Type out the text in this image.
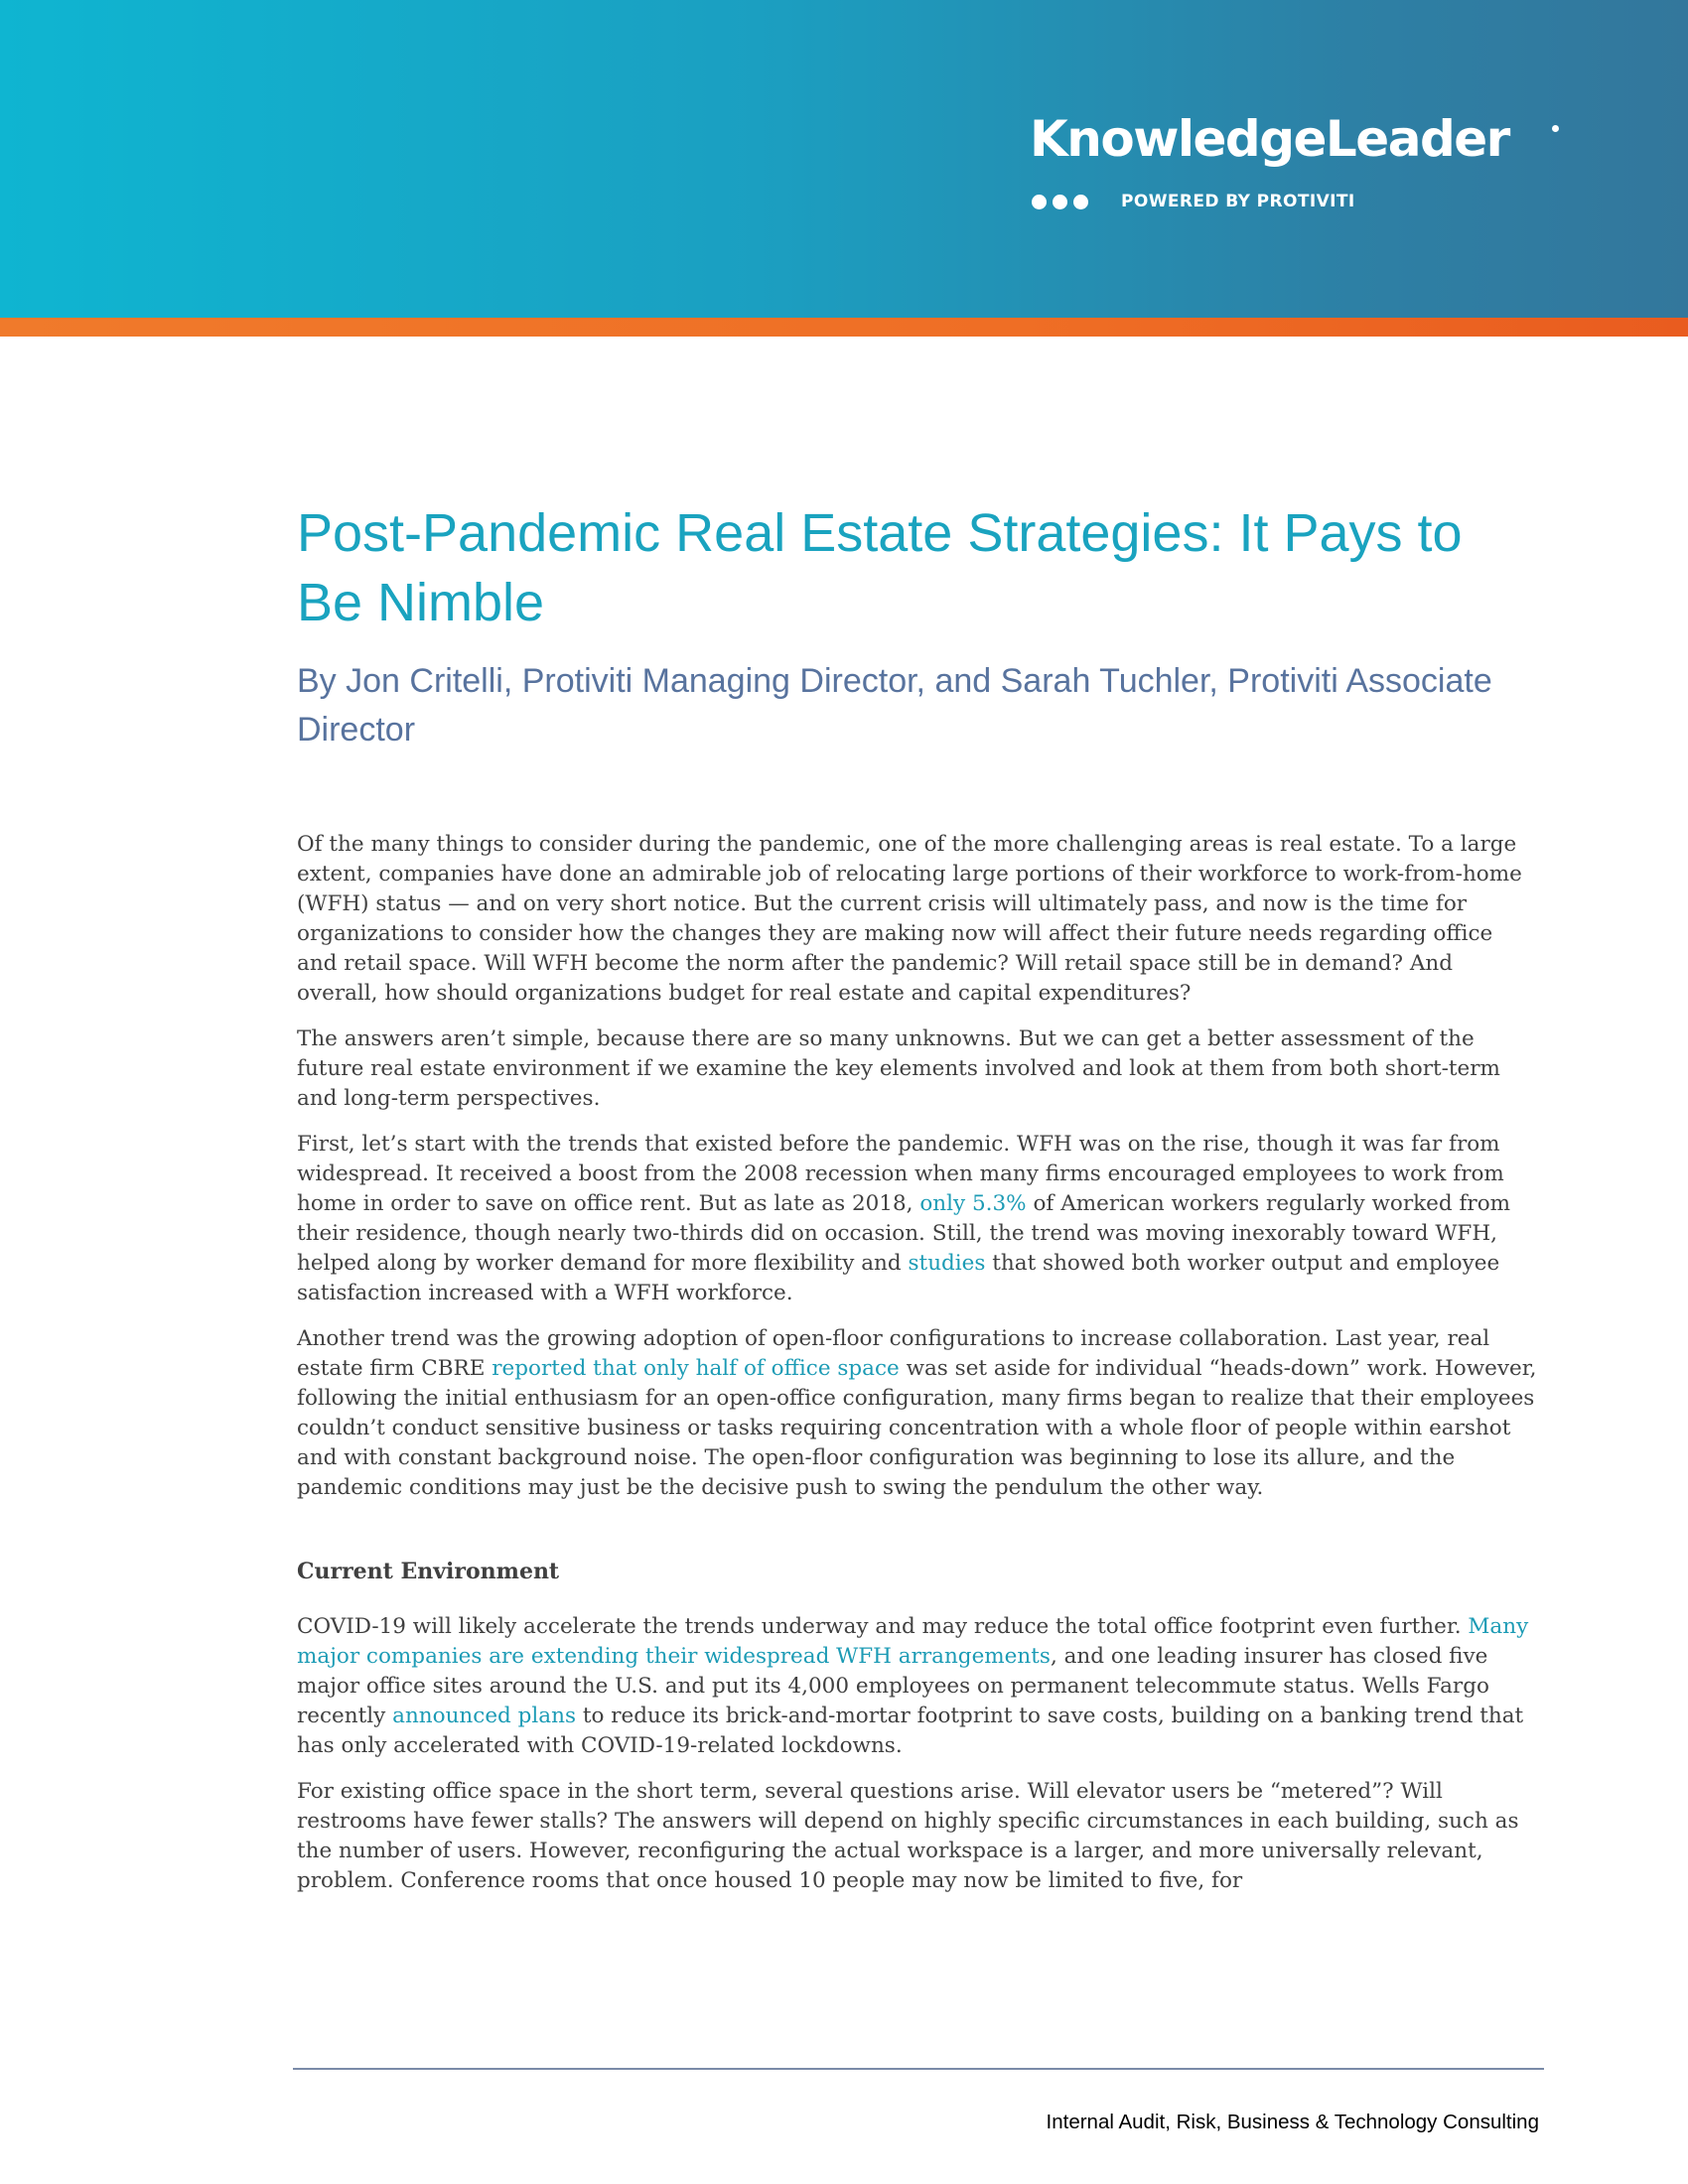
KnowledgeLeader
POWERED BY PROTIVITI
Post-Pandemic Real Estate Strategies: It Pays to Be Nimble

By Jon Critelli, Protiviti Managing Director, and Sarah Tuchler, Protiviti Associate Director

Of the many things to consider during the pandemic, one of the more challenging areas is real estate. To a large extent, companies have done an admirable job of relocating large portions of their workforce to work-from-home (WFH) status — and on very short notice. But the current crisis will ultimately pass, and now is the time for organizations to consider how the changes they are making now will affect their future needs regarding office and retail space. Will WFH become the norm after the pandemic? Will retail space still be in demand? And overall, how should organizations budget for real estate and capital expenditures?

The answers aren’t simple, because there are so many unknowns. But we can get a better assessment of the future real estate environment if we examine the key elements involved and look at them from both short-term and long-term perspectives.

First, let’s start with the trends that existed before the pandemic. WFH was on the rise, though it was far from widespread. It received a boost from the 2008 recession when many firms encouraged employees to work from home in order to save on office rent. But as late as 2018, only 5.3% of American workers regularly worked from their residence, though nearly two-thirds did on occasion. Still, the trend was moving inexorably toward WFH, helped along by worker demand for more flexibility and studies that showed both worker output and employee satisfaction increased with a WFH workforce.

Another trend was the growing adoption of open-floor configurations to increase collaboration. Last year, real estate firm CBRE reported that only half of office space was set aside for individual “heads-down” work. However, following the initial enthusiasm for an open-office configuration, many firms began to realize that their employees couldn’t conduct sensitive business or tasks requiring concentration with a whole floor of people within earshot and with constant background noise. The open-floor configuration was beginning to lose its allure, and the pandemic conditions may just be the decisive push to swing the pendulum the other way.

Current Environment

COVID-19 will likely accelerate the trends underway and may reduce the total office footprint even further. Many major companies are extending their widespread WFH arrangements, and one leading insurer has closed five major office sites around the U.S. and put its 4,000 employees on permanent telecommute status. Wells Fargo recently announced plans to reduce its brick-and-mortar footprint to save costs, building on a banking trend that has only accelerated with COVID-19-related lockdowns.

For existing office space in the short term, several questions arise. Will elevator users be “metered”? Will restrooms have fewer stalls? The answers will depend on highly specific circumstances in each building, such as the number of users. However, reconfiguring the actual workspace is a larger, and more universally relevant, problem. Conference rooms that once housed 10 people may now be limited to five, for

Internal Audit, Risk, Business & Technology Consulting
